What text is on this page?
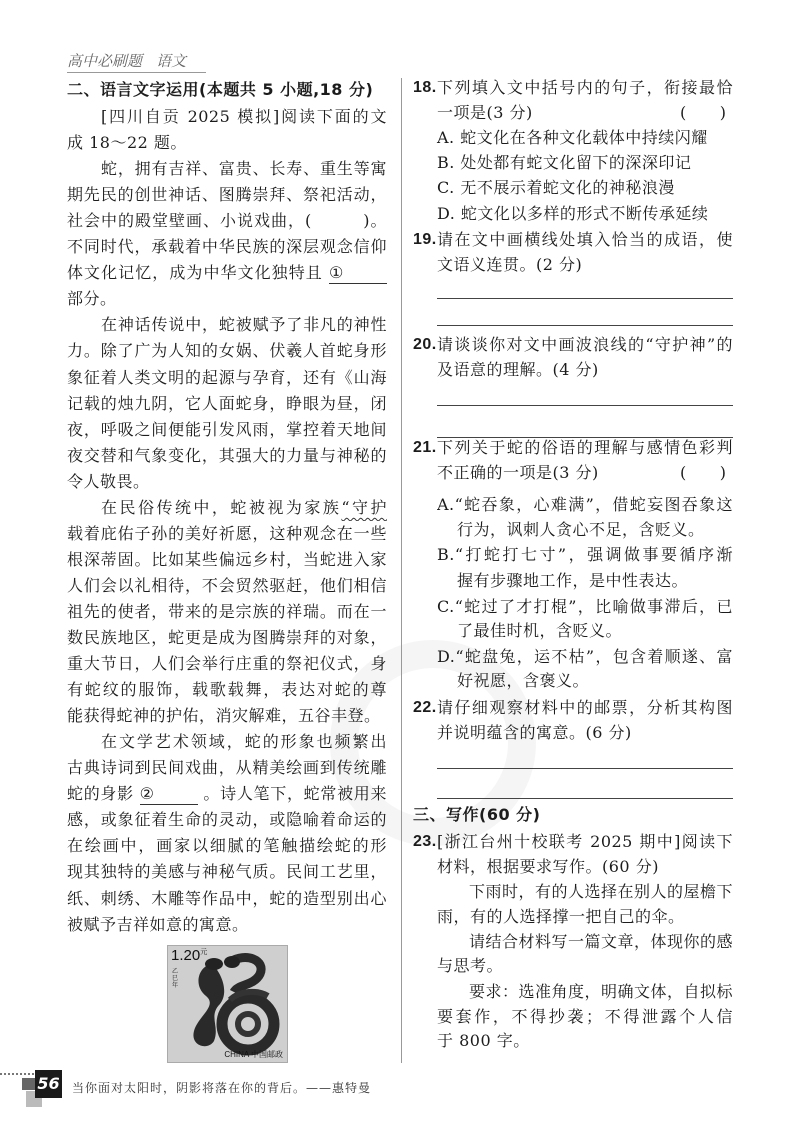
高中必刷题 语文
二、语言文字运用(本题共 5 小题,18 分)
[四川自贡 2025 模拟]阅读下面的文
成 18～22 题。
蛇，拥有吉祥、富贵、长寿、重生等寓
期先民的创世神话、图腾崇拜、祭祀活动，
社会中的殿堂壁画、小说戏曲，(　　　)。
不同时代，承载着中华民族的深层观念信仰
体文化记忆，成为中华文化独特且 ①
部分。
在神话传说中，蛇被赋予了非凡的神性
力。除了广为人知的女娲、伏羲人首蛇身形
象征着人类文明的起源与孕育，还有《山海
记载的烛九阴，它人面蛇身，睁眼为昼，闭
夜，呼吸之间便能引发风雨，掌控着天地间
夜交替和气象变化，其强大的力量与神秘的
令人敬畏。
在民俗传统中，蛇被视为家族“守护
载着庇佑子孙的美好祈愿，这种观念在一些
根深蒂固。比如某些偏远乡村，当蛇进入家
人们会以礼相待，不会贸然驱赶，他们相信
祖先的使者，带来的是宗族的祥瑞。而在一
数民族地区，蛇更是成为图腾崇拜的对象，
重大节日，人们会举行庄重的祭祀仪式，身
有蛇纹的服饰，载歌载舞，表达对蛇的尊
能获得蛇神的护佑，消灾解难，五谷丰登。
在文学艺术领域，蛇的形象也频繁出
古典诗词到民间戏曲，从精美绘画到传统雕
蛇的身影 ②	。诗人笔下，蛇常被用来
感，或象征着生命的灵动，或隐喻着命运的
在绘画中，画家以细腻的笔触描绘蛇的形
现其独特的美感与神秘气质。民间工艺里，
纸、刺绣、木雕等作品中，蛇的造型别出心
被赋予吉祥如意的寓意。
18. 下列填入文中括号内的句子，衔接最恰
一项是(3 分)	(　　)
A. 蛇文化在各种文化载体中持续闪耀
B. 处处都有蛇文化留下的深深印记
C. 无不展示着蛇文化的神秘浪漫
D. 蛇文化以多样的形式不断传承延续
19. 请在文中画横线处填入恰当的成语，使
文语义连贯。(2 分)
20. 请谈谈你对文中画波浪线的“守护神”的
及语意的理解。(4 分)
21. 下列关于蛇的俗语的理解与感情色彩判
不正确的一项是(3 分)	(　　)
A.“蛇吞象，心难满”，借蛇妄图吞象这
行为，讽刺人贪心不足，含贬义。
B.“打蛇打七寸”，强调做事要循序渐
握有步骤地工作，是中性表达。
C.“蛇过了才打棍”，比喻做事滞后，已
了最佳时机，含贬义。
D.“蛇盘兔，运不枯”，包含着顺遂、富
好祝愿，含褒义。
22. 请仔细观察材料中的邮票，分析其构图
并说明蕴含的寓意。(6 分)
三、写作(60 分)
23. [浙江台州十校联考 2025 期中]阅读下
材料，根据要求写作。(60 分)
下雨时，有的人选择在别人的屋檐下
雨，有的人选择撑一把自己的伞。
请结合材料写一篇文章，体现你的感
与思考。
要求：选准角度，明确文体，自拟标
要套作，不得抄袭；不得泄露个人信
于 800 字。
$1.20^元$
乙巳年
CHINA 中国邮政
56 当你面对太阳时，阴影将落在你的背后。——惠特曼
